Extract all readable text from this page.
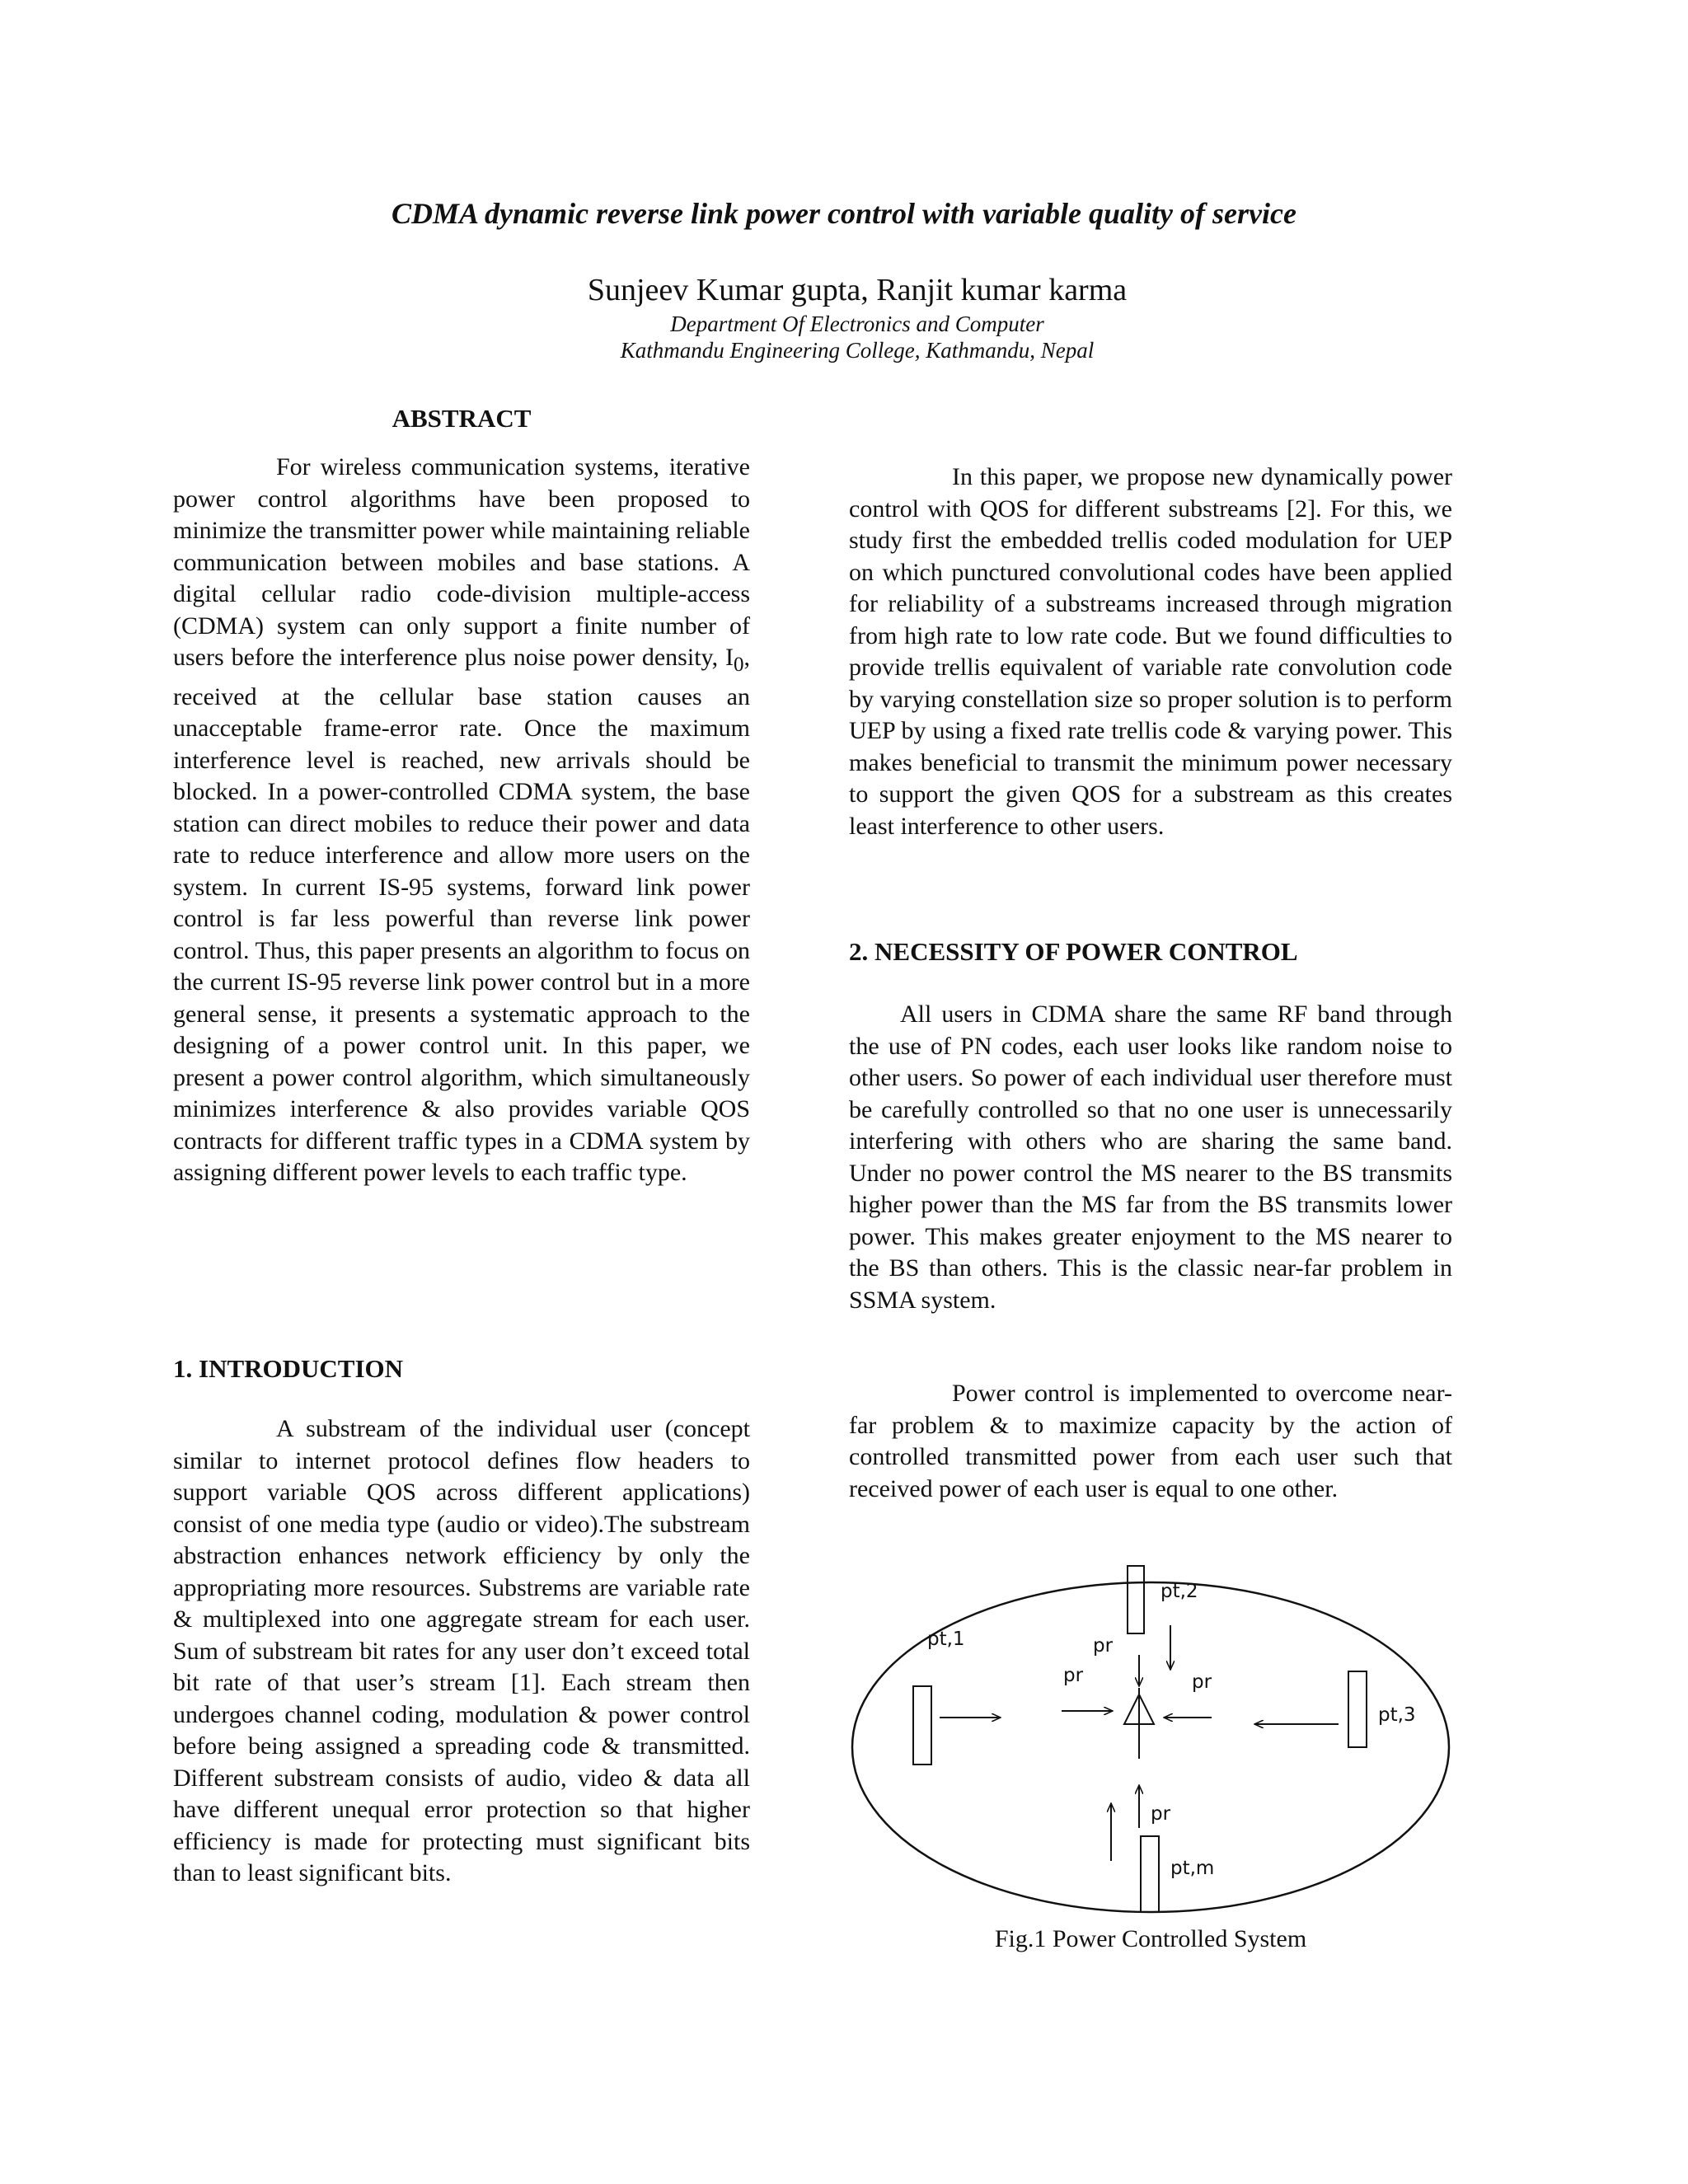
CDMA dynamic reverse link power control with variable quality of service
Sunjeev Kumar gupta, Ranjit kumar karma
Department Of Electronics and Computer
Kathmandu Engineering College, Kathmandu, Nepal
ABSTRACT

For wireless communication systems, iterative power control algorithms have been proposed to minimize the transmitter power while maintaining reliable communication between mobiles and base stations. A digital cellular radio code-division multiple-access (CDMA) system can only support a finite number of users before the interference plus noise power density, $I_0$, received at the cellular base station causes an unacceptable frame-error rate. Once the maximum interference level is reached, new arrivals should be blocked. In a power-controlled CDMA system, the base station can direct mobiles to reduce their power and data rate to reduce interference and allow more users on the system. In current IS-95 systems, forward link power control is far less powerful than reverse link power control. Thus, this paper presents an algorithm to focus on the current IS-95 reverse link power control but in a more general sense, it presents a systematic approach to the designing of a power control unit. In this paper, we present a power control algorithm, which simultaneously minimizes interference & also provides variable QOS contracts for different traffic types in a CDMA system by assigning different power levels to each traffic type.

1. INTRODUCTION

A substream of the individual user (concept similar to internet protocol defines flow headers to support variable QOS across different applications) consist of one media type (audio or video).The substream abstraction enhances network efficiency by only the appropriating more resources. Substrems are variable rate & multiplexed into one aggregate stream for each user. Sum of substream bit rates for any user don’t exceed total bit rate of that user’s stream [1]. Each stream then undergoes channel coding, modulation & power control before being assigned a spreading code & transmitted. Different substream consists of audio, video & data all have different unequal error protection so that higher efficiency is made for protecting must significant bits than to least significant bits.

In this paper, we propose new dynamically power control with QOS for different substreams [2]. For this, we study first the embedded trellis coded modulation for UEP on which punctured convolutional codes have been applied for reliability of a substreams increased through migration from high rate to low rate code. But we found difficulties to provide trellis equivalent of variable rate convolution code by varying constellation size so proper solution is to perform UEP by using a fixed rate trellis code & varying power. This makes beneficial to transmit the minimum power necessary to support the given QOS for a substream as this creates least interference to other users.

2. NECESSITY OF POWER CONTROL

All users in CDMA share the same RF band through the use of PN codes, each user looks like random noise to other users. So power of each individual user therefore must be carefully controlled so that no one user is unnecessarily interfering with others who are sharing the same band. Under no power control the MS nearer to the BS transmits higher power than the MS far from the BS transmits lower power. This makes greater enjoyment to the MS nearer to the BS than others. This is the classic near-far problem in SSMA system.

Power control is implemented to overcome near-far problem & to maximize capacity by the action of controlled transmitted power from each user such that received power of each user is equal to one other.

pt,1
pt,2
pt,3
pt,m
pr
pr	pr
pr
Fig.1 Power Controlled System
